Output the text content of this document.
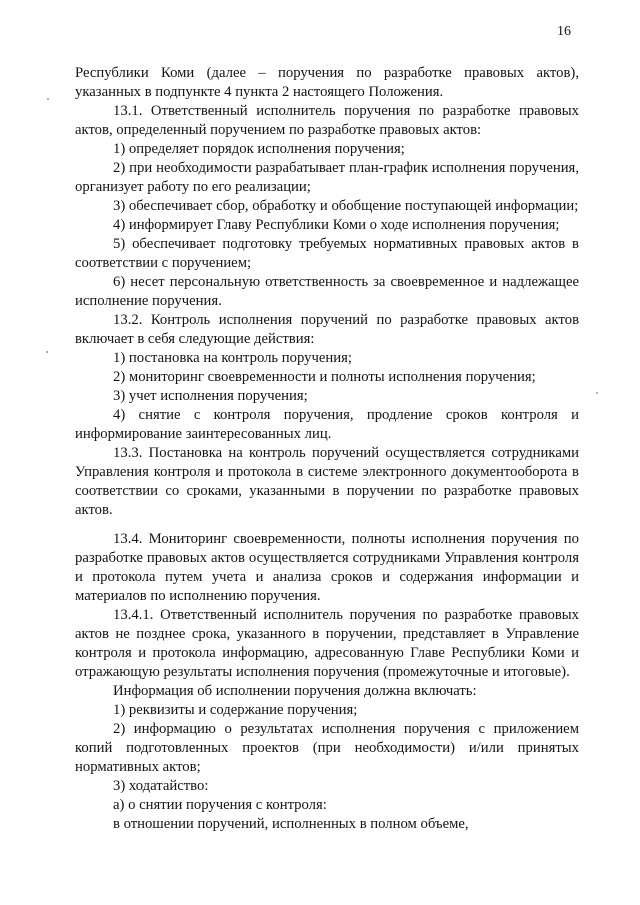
16

Республики Коми (далее – поручения по разработке правовых актов), указанных в подпункте 4 пункта 2 настоящего Положения.

13.1. Ответственный исполнитель поручения по разработке правовых актов, определенный поручением по разработке правовых актов:

1) определяет порядок исполнения поручения;

2) при необходимости разрабатывает план-график исполнения поручения, организует работу по его реализации;

3) обеспечивает сбор, обработку и обобщение поступающей информации;

4) информирует Главу Республики Коми о ходе исполнения поручения;

5) обеспечивает подготовку требуемых нормативных правовых актов в соответствии с поручением;

6) несет персональную ответственность за своевременное и надлежащее исполнение поручения.

13.2. Контроль исполнения поручений по разработке правовых актов включает в себя следующие действия:

1) постановка на контроль поручения;

2) мониторинг своевременности и полноты исполнения поручения;

3) учет исполнения поручения;

4) снятие с контроля поручения, продление сроков контроля и информирование заинтересованных лиц.

13.3. Постановка на контроль поручений осуществляется сотрудниками Управления контроля и протокола в системе электронного документооборота в соответствии со сроками, указанными в поручении по разработке правовых актов.

13.4. Мониторинг своевременности, полноты исполнения поручения по разработке правовых актов осуществляется сотрудниками Управления контроля и протокола путем учета и анализа сроков и содержания информации и материалов по исполнению поручения.

13.4.1. Ответственный исполнитель поручения по разработке правовых актов не позднее срока, указанного в поручении, представляет в Управление контроля и протокола информацию, адресованную Главе Республики Коми и отражающую результаты исполнения поручения (промежуточные и итоговые).

Информация об исполнении поручения должна включать:

1) реквизиты и содержание поручения;

2) информацию о результатах исполнения поручения с приложением копий подготовленных проектов (при необходимости) и/или принятых нормативных актов;

3) ходатайство:

а) о снятии поручения с контроля:

в отношении поручений, исполненных в полном объеме,
